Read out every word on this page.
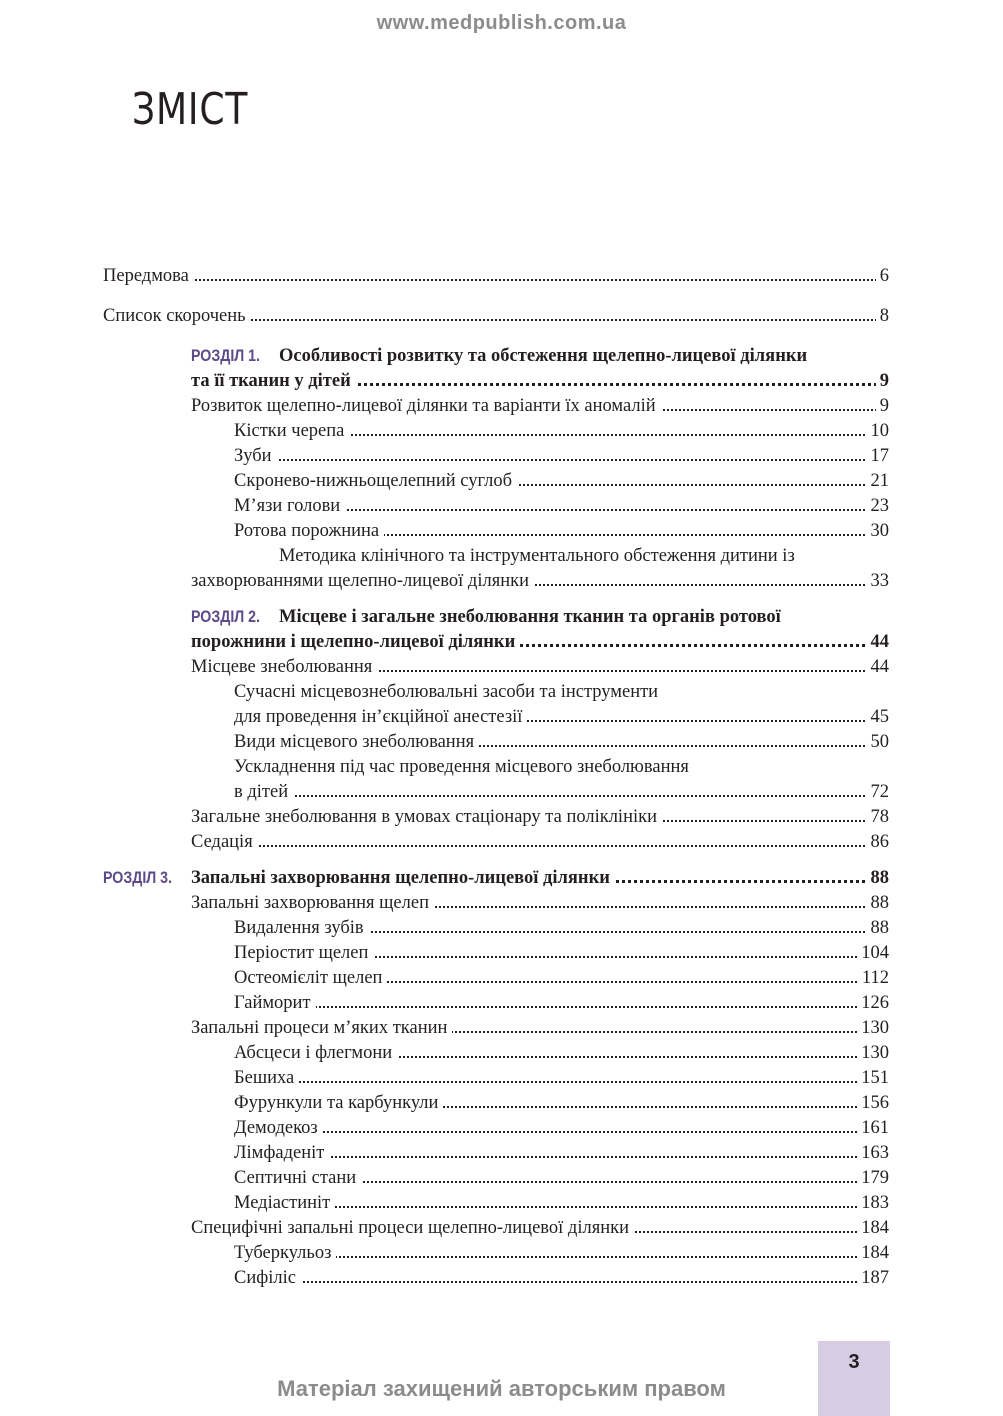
www.medpublish.com.ua
ЗМІСТ
Передмова	6
Список скорочень	8
РОЗДІЛ 1. Особливості розвитку та обстеження щелепно-лицевої ділянки
та її тканин у дітей	9
Розвиток щелепно-лицевої ділянки та варіанти їх аномалій	9
Кістки черепа	10
Зуби	17
Скронево-нижньощелепний суглоб	21
М’язи голови	23
Ротова порожнина	30
Методика клінічного та інструментального обстеження дитини із
захворюваннями щелепно-лицевої ділянки	33
РОЗДІЛ 2. Місцеве і загальне знеболювання тканин та органів ротової
порожнини і щелепно-лицевої ділянки	44
Місцеве знеболювання	44
Сучасні місцевознеболювальні засоби та інструменти
для проведення ін’єкційної анестезії	45
Види місцевого знеболювання	50
Ускладнення під час проведення місцевого знеболювання
в дітей	72
Загальне знеболювання в умовах стаціонару та поліклініки	78
Седація	86
РОЗДІЛ 3. Запальні захворювання щелепно-лицевої ділянки	88
Запальні захворювання щелеп	88
Видалення зубів	88
Періостит щелеп	104
Остеомієліт щелеп	112
Гайморит	126
Запальні процеси м’яких тканин	130
Абсцеси і флегмони	130
Бешиха	151
Фурункули та карбункули	156
Демодекоз	161
Лімфаденіт	163
Септичні стани	179
Медіастиніт	183
Специфічні запальні процеси щелепно-лицевої ділянки	184
Туберкульоз	184
Сифіліс	187
3
Матеріал захищений авторським правом
